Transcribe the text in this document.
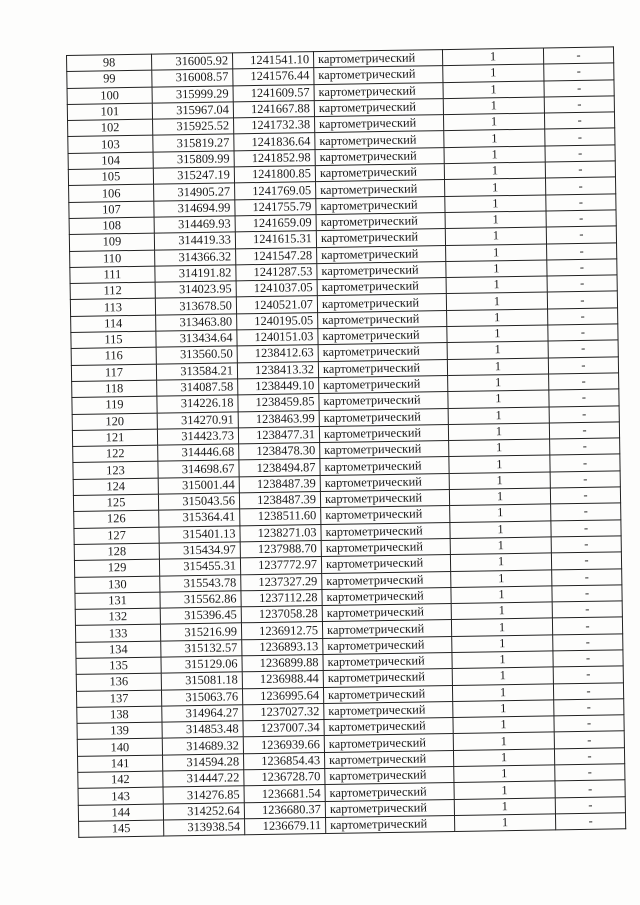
98	316005.92	1241541.10	картометрический	1	-
99	316008.57	1241576.44	картометрический	1	-
100	315999.29	1241609.57	картометрический	1	-
101	315967.04	1241667.88	картометрический	1	-
102	315925.52	1241732.38	картометрический	1	-
103	315819.27	1241836.64	картометрический	1	-
104	315809.99	1241852.98	картометрический	1	-
105	315247.19	1241800.85	картометрический	1	-
106	314905.27	1241769.05	картометрический	1	-
107	314694.99	1241755.79	картометрический	1	-
108	314469.93	1241659.09	картометрический	1	-
109	314419.33	1241615.31	картометрический	1	-
110	314366.32	1241547.28	картометрический	1	-
111	314191.82	1241287.53	картометрический	1	-
112	314023.95	1241037.05	картометрический	1	-
113	313678.50	1240521.07	картометрический	1	-
114	313463.80	1240195.05	картометрический	1	-
115	313434.64	1240151.03	картометрический	1	-
116	313560.50	1238412.63	картометрический	1	-
117	313584.21	1238413.32	картометрический	1	-
118	314087.58	1238449.10	картометрический	1	-
119	314226.18	1238459.85	картометрический	1	-
120	314270.91	1238463.99	картометрический	1	-
121	314423.73	1238477.31	картометрический	1	-
122	314446.68	1238478.30	картометрический	1	-
123	314698.67	1238494.87	картометрический	1	-
124	315001.44	1238487.39	картометрический	1	-
125	315043.56	1238487.39	картометрический	1	-
126	315364.41	1238511.60	картометрический	1	-
127	315401.13	1238271.03	картометрический	1	-
128	315434.97	1237988.70	картометрический	1	-
129	315455.31	1237772.97	картометрический	1	-
130	315543.78	1237327.29	картометрический	1	-
131	315562.86	1237112.28	картометрический	1	-
132	315396.45	1237058.28	картометрический	1	-
133	315216.99	1236912.75	картометрический	1	-
134	315132.57	1236893.13	картометрический	1	-
135	315129.06	1236899.88	картометрический	1	-
136	315081.18	1236988.44	картометрический	1	-
137	315063.76	1236995.64	картометрический	1	-
138	314964.27	1237027.32	картометрический	1	-
139	314853.48	1237007.34	картометрический	1	-
140	314689.32	1236939.66	картометрический	1	-
141	314594.28	1236854.43	картометрический	1	-
142	314447.22	1236728.70	картометрический	1	-
143	314276.85	1236681.54	картометрический	1	-
144	314252.64	1236680.37	картометрический	1	-
145	313938.54	1236679.11	картометрический	1	-
